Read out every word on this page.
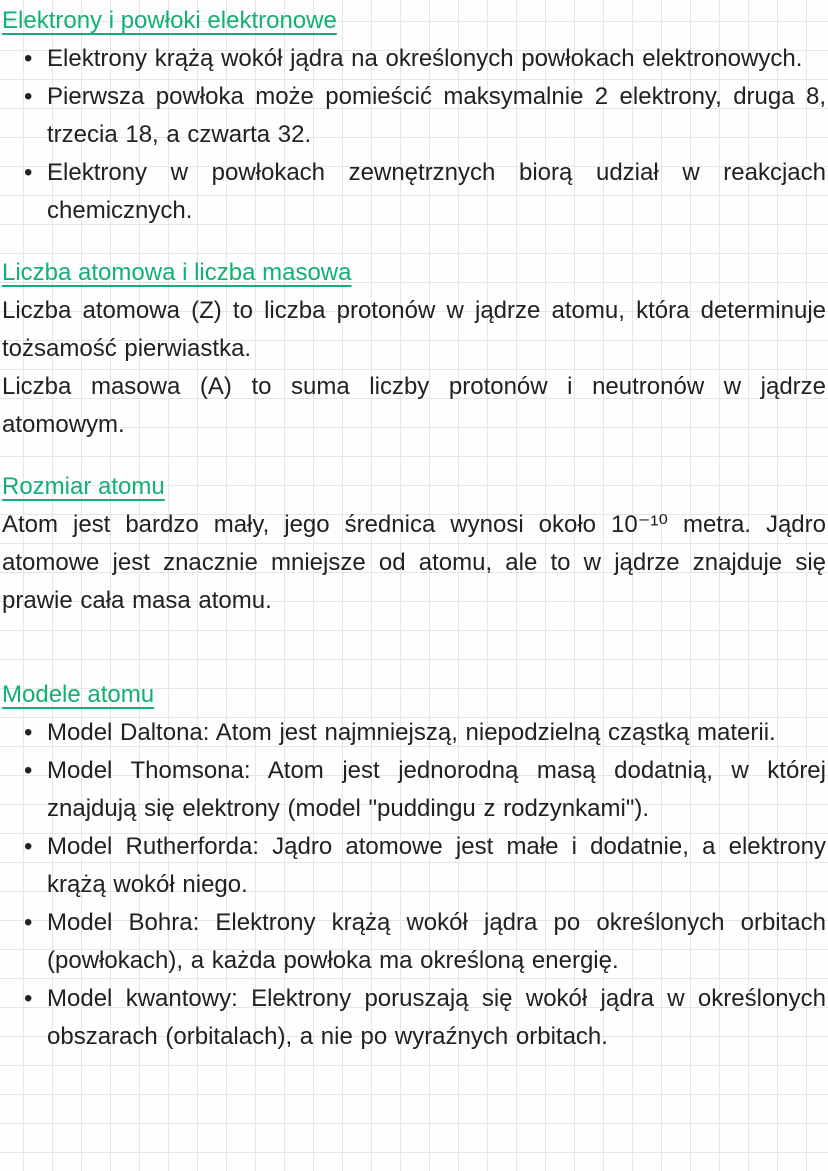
Elektrony i powłoki elektronowe
• Elektrony krążą wokół jądra na określonych powłokach elektronowych.
• Pierwsza powłoka może pomieścić maksymalnie 2 elektrony, druga 8, trzecia 18, a czwarta 32.
• Elektrony w powłokach zewnętrznych biorą udział w reakcjach chemicznych.
Liczba atomowa i liczba masowa

Liczba atomowa (Z) to liczba protonów w jądrze atomu, która determinuje tożsamość pierwiastka.

Liczba masowa (A) to suma liczby protonów i neutronów w jądrze atomowym.

Rozmiar atomu

Atom jest bardzo mały, jego średnica wynosi około 10⁻¹⁰ metra. Jądro atomowe jest znacznie mniejsze od atomu, ale to w jądrze znajduje się prawie cała masa atomu.

Modele atomu
• Model Daltona: Atom jest najmniejszą, niepodzielną cząstką materii.
• Model Thomsona: Atom jest jednorodną masą dodatnią, w której znajdują się elektrony (model "puddingu z rodzynkami").
• Model Rutherforda: Jądro atomowe jest małe i dodatnie, a elektrony krążą wokół niego.
• Model Bohra: Elektrony krążą wokół jądra po określonych orbitach (powłokach), a każda powłoka ma określoną energię.
• Model kwantowy: Elektrony poruszają się wokół jądra w określonych obszarach (orbitalach), a nie po wyraźnych orbitach.
